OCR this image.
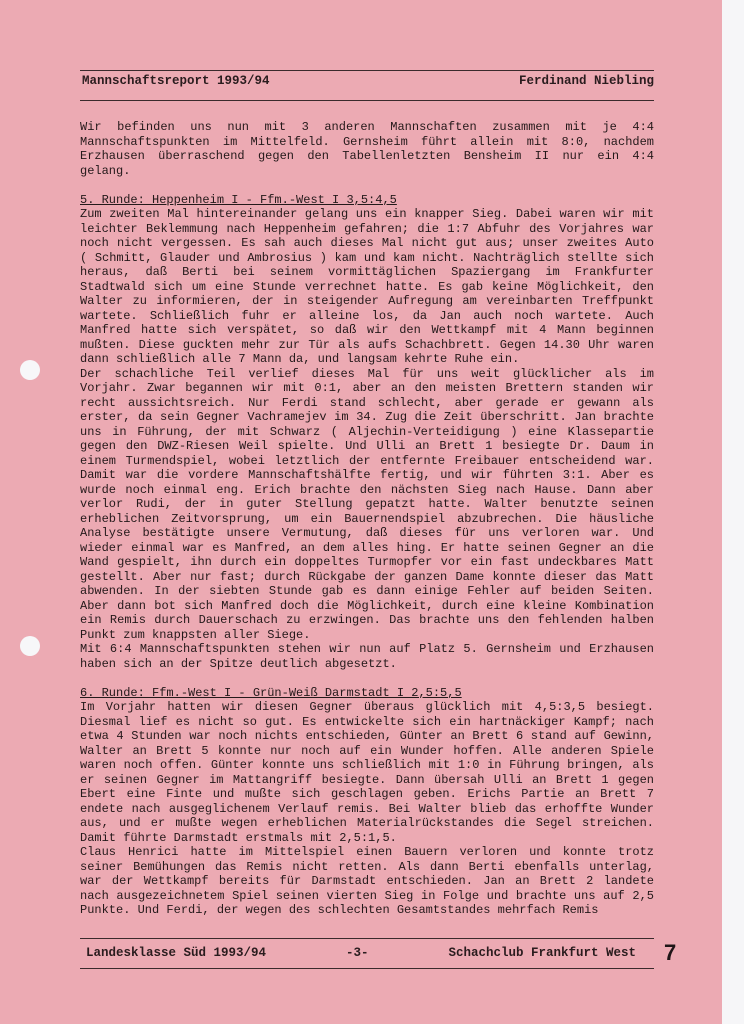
Mannschaftsreport 1993/94	Ferdinand Niebling

Wir befinden uns nun mit 3 anderen Mannschaften zusammen mit je 4:4 Mannschaftspunkten im Mittelfeld. Gernsheim führt allein mit 8:0, nachdem Erzhausen überraschend gegen den Tabellenletzten Bensheim II nur ein 4:4 gelang.

5. Runde: Heppenheim I - Ffm.-West I 3,5:4,5

Zum zweiten Mal hintereinander gelang uns ein knapper Sieg. Dabei waren wir mit leichter Beklemmung nach Heppenheim gefahren; die 1:7 Abfuhr des Vorjahres war noch nicht vergessen. Es sah auch dieses Mal nicht gut aus; unser zweites Auto ( Schmitt, Glauder und Ambrosius ) kam und kam nicht. Nachträglich stellte sich heraus, daß Berti bei seinem vormittäglichen Spaziergang im Frankfurter Stadtwald sich um eine Stunde verrechnet hatte. Es gab keine Möglichkeit, den Walter zu informieren, der in steigender Aufregung am vereinbarten Treffpunkt wartete. Schließlich fuhr er alleine los, da Jan auch noch wartete. Auch Manfred hatte sich verspätet, so daß wir den Wettkampf mit 4 Mann beginnen mußten. Diese guckten mehr zur Tür als aufs Schachbrett. Gegen 14.30 Uhr waren dann schließlich alle 7 Mann da, und langsam kehrte Ruhe ein.

Der schachliche Teil verlief dieses Mal für uns weit glücklicher als im Vorjahr. Zwar begannen wir mit 0:1, aber an den meisten Brettern standen wir recht aussichtsreich. Nur Ferdi stand schlecht, aber gerade er gewann als erster, da sein Gegner Vachramejev im 34. Zug die Zeit überschritt. Jan brachte uns in Führung, der mit Schwarz ( Aljechin-Verteidigung ) eine Klassepartie gegen den DWZ-Riesen Weil spielte. Und Ulli an Brett 1 besiegte Dr. Daum in einem Turmendspiel, wobei letztlich der entfernte Freibauer entscheidend war. Damit war die vordere Mannschaftshälfte fertig, und wir führten 3:1. Aber es wurde noch einmal eng. Erich brachte den nächsten Sieg nach Hause. Dann aber verlor Rudi, der in guter Stellung gepatzt hatte. Walter benutzte seinen erheblichen Zeitvorsprung, um ein Bauernendspiel abzubrechen. Die häusliche Analyse bestätigte unsere Vermutung, daß dieses für uns verloren war. Und wieder einmal war es Manfred, an dem alles hing. Er hatte seinen Gegner an die Wand gespielt, ihn durch ein doppeltes Turmopfer vor ein fast undeckbares Matt gestellt. Aber nur fast; durch Rückgabe der ganzen Dame konnte dieser das Matt abwenden. In der siebten Stunde gab es dann einige Fehler auf beiden Seiten. Aber dann bot sich Manfred doch die Möglichkeit, durch eine kleine Kombination ein Remis durch Dauerschach zu erzwingen. Das brachte uns den fehlenden halben Punkt zum knappsten aller Siege.

Mit 6:4 Mannschaftspunkten stehen wir nun auf Platz 5. Gernsheim und Erzhausen haben sich an der Spitze deutlich abgesetzt.

6. Runde: Ffm.-West I - Grün-Weiß Darmstadt I 2,5:5,5

Im Vorjahr hatten wir diesen Gegner überaus glücklich mit 4,5:3,5 besiegt. Diesmal lief es nicht so gut. Es entwickelte sich ein hartnäckiger Kampf; nach etwa 4 Stunden war noch nichts entschieden, Günter an Brett 6 stand auf Gewinn, Walter an Brett 5 konnte nur noch auf ein Wunder hoffen. Alle anderen Spiele waren noch offen. Günter konnte uns schließlich mit 1:0 in Führung bringen, als er seinen Gegner im Mattangriff besiegte. Dann übersah Ulli an Brett 1 gegen Ebert eine Finte und mußte sich geschlagen geben. Erichs Partie an Brett 7 endete nach ausgeglichenem Verlauf remis. Bei Walter blieb das erhoffte Wunder aus, und er mußte wegen erheblichen Materialrückstandes die Segel streichen. Damit führte Darmstadt erstmals mit 2,5:1,5.

Claus Henrici hatte im Mittelspiel einen Bauern verloren und konnte trotz seiner Bemühungen das Remis nicht retten. Als dann Berti ebenfalls unterlag, war der Wettkampf bereits für Darmstadt entschieden. Jan an Brett 2 landete nach ausgezeichnetem Spiel seinen vierten Sieg in Folge und brachte uns auf 2,5 Punkte. Und Ferdi, der wegen des schlechten Gesamtstandes mehrfach Remis

Landesklasse Süd 1993/94	-3-	Schachclub Frankfurt West 7
